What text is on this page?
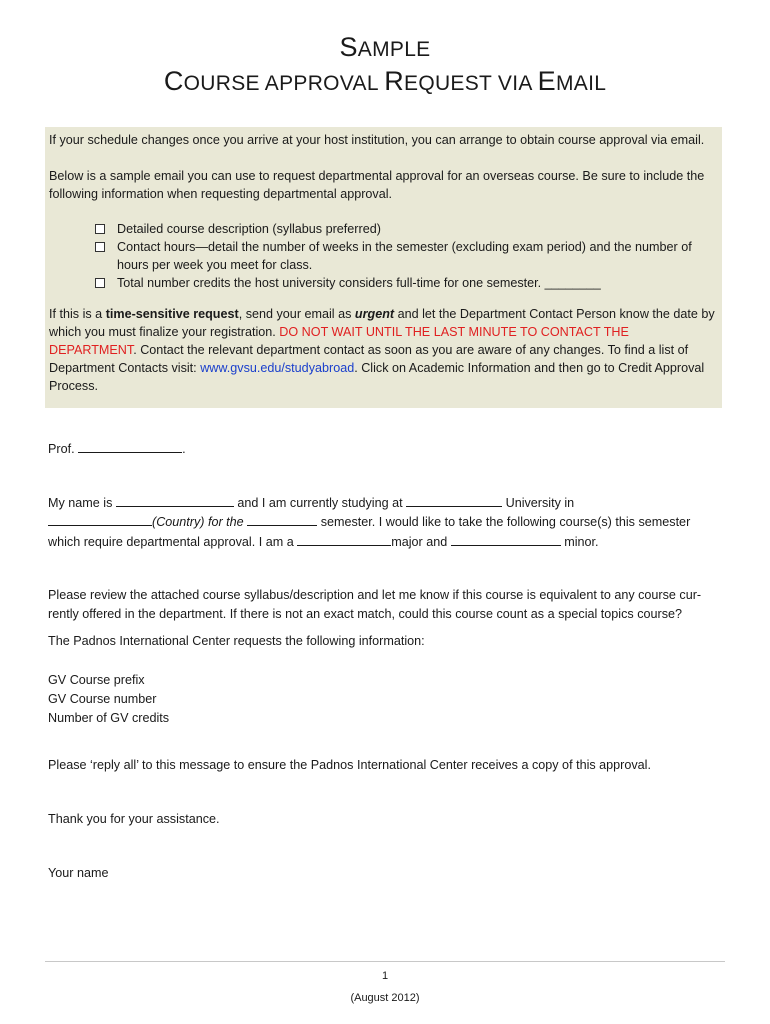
SAMPLE
COURSE APPROVAL REQUEST VIA EMAIL

If your schedule changes once you arrive at your host institution, you can arrange to obtain course approval via email.

Below is a sample email you can use to request departmental approval for an overseas course. Be sure to include the following information when requesting departmental approval.

Detailed course description (syllabus preferred)
Contact hours—detail the number of weeks in the semester (excluding exam period) and the number of hours per week you meet for class.
Total number credits the host university considers full-time for one semester. ________

If this is a time-sensitive request, send your email as urgent and let the Department Contact Person know the date by which you must finalize your registration. DO NOT WAIT UNTIL THE LAST MINUTE TO CONTACT THE DEPARTMENT. Contact the relevant department contact as soon as you are aware of any changes. To find a list of Department Contacts visit: www.gvsu.edu/studyabroad. Click on Academic Information and then go to Credit Approval Process.

Prof.	.
My name is	and I am currently studying at	University in
(Country) for the	semester. I would like to take the following course(s) this semester
which require departmental approval. I am a	major and	minor.
Please review the attached course syllabus/description and let me know if this course is equivalent to any course cur-
rently offered in the department. If there is not an exact match, could this course count as a special topics course?
The Padnos International Center requests the following information:
GV Course prefix
GV Course number
Number of GV credits
Please ‘reply all’ to this message to ensure the Padnos International Center receives a copy of this approval.
Thank you for your assistance.
Your name
1
(August 2012)
